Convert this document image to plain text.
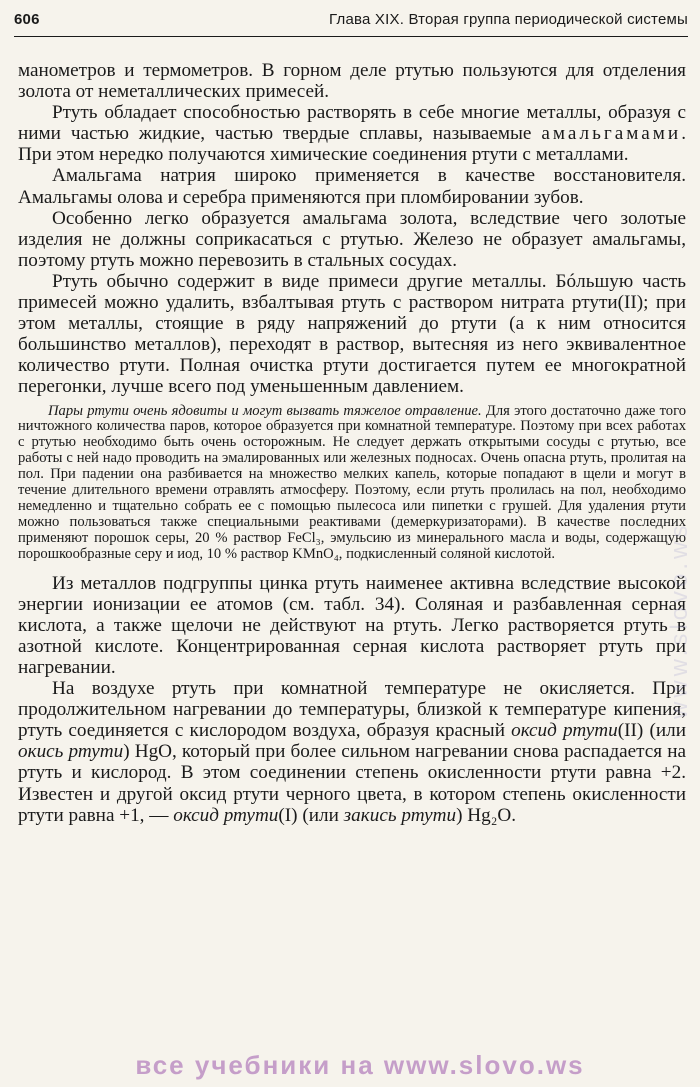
606	Глава XIX. Вторая группа периодической системы

манометров и термометров. В горном деле ртутью пользуются для отделения золота от неметаллических примесей.

Ртуть обладает способностью растворять в себе многие металлы, образуя с ними частью жидкие, частью твердые сплавы, называемые амальгамами. При этом нередко получаются химические соединения ртути с металлами.

Амальгама натрия широко применяется в качестве восстановителя. Амальгамы олова и серебра применяются при пломбировании зубов.

Особенно легко образуется амальгама золота, вследствие чего золотые изделия не должны соприкасаться с ртутью. Железо не образует амальгамы, поэтому ртуть можно перевозить в стальных сосудах.

Ртуть обычно содержит в виде примеси другие металлы. Бóльшую часть примесей можно удалить, взбалтывая ртуть с раствором нитрата ртути(II); при этом металлы, стоящие в ряду напряжений до ртути (а к ним относится большинство металлов), переходят в раствор, вытесняя из него эквивалентное количество ртути. Полная очистка ртути достигается путем ее многократной перегонки, лучше всего под уменьшенным давлением.

Пары ртути очень ядовиты и могут вызвать тяжелое отравление. Для этого достаточно даже того ничтожного количества паров, которое образуется при комнатной температуре. Поэтому при всех работах с ртутью необходимо быть очень осторожным. Не следует держать открытыми сосуды с ртутью, все работы с ней надо проводить на эмалированных или железных подносах. Очень опасна ртуть, пролитая на пол. При падении она разбивается на множество мелких капель, которые попадают в щели и могут в течение длительного времени отравлять атмосферу. Поэтому, если ртуть пролилась на пол, необходимо немедленно и тщательно собрать ее с помощью пылесоса или пипетки с грушей. Для удаления ртути можно пользоваться также специальными реактивами (демеркуризаторами). В качестве последних применяют порошок серы, 20 % раствор FeCl₃, эмульсию из минерального масла и воды, содержащую порошкообразные серу и иод, 10 % раствор KMnO₄, подкисленный соляной кислотой.

Из металлов подгруппы цинка ртуть наименее активна вследствие высокой энергии ионизации ее атомов (см. табл. 34). Соляная и разбавленная серная кислота, а также щелочи не действуют на ртуть. Легко растворяется ртуть в азотной кислоте. Концентрированная серная кислота растворяет ртуть при нагревании.

На воздухе ртуть при комнатной температуре не окисляется. При продолжительном нагревании до температуры, близкой к температуре кипения, ртуть соединяется с кислородом воздуха, образуя красный оксид ртути(II) (или окись ртути) HgO, который при более сильном нагревании снова распадается на ртуть и кислород. В этом соединении степень окисленности ртути равна +2. Известен и другой оксид ртути черного цвета, в котором степень окисленности ртути равна +1, — оксид ртути(I) (или закись ртути) Hg₂O.

www.slovo.ws
все учебники на www.slovo.ws
